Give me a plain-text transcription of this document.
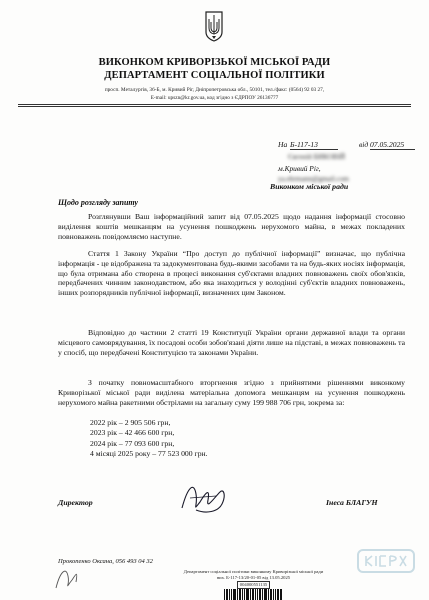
ВИКОНКОМ КРИВОРІЗЬКОЇ МІСЬКОЇ РАДИ
ДЕПАРТАМЕНТ СОЦІАЛЬНОЇ ПОЛІТИКИ
просп. Металургів, 36-Б, м. Кривий Ріг, Дніпропетровська обл., 50101, тел./факс: (0564) 92 03 27,
E-mail: upszn@kr.gov.ua, код згідно з ЄДРПОУ 26136777
На Б-117-13	від 07.05.2025
Євгеній БИКОВІЙ
м.Кривий Ріг,
ya.ehrmann@gmail.com
Виконком міської ради
Щодо розгляду запиту
Розглянувши Ваш інформаційний запит від 07.05.2025 щодо надання інформації стосовно виділення коштів мешканцям на усунення пошкоджень нерухомого майна, в межах покладених повноважень повідомляємо наступне.
Стаття 1 Закону України “Про доступ до публічної інформації” визначає, що публічна інформація - це відображена та задокументована будь-якими засобами та на будь-яких носіях інформація, що була отримана або створена в процесі виконання суб'єктами владних повноважень своїх обов'язків, передбачених чинним законодавством, або яка знаходиться у володінні суб'єктів владних повноважень, інших розпорядників публічної інформації, визначених цим Законом.
Відповідно до частини 2 статті 19 Конституції України органи державної влади та органи місцевого самоврядування, їх посадові особи зобов'язані діяти лише на підставі, в межах повноважень та у спосіб, що передбачені Конституцією та законами України.
З початку повномасштабного вторгнення згідно з прийнятими рішеннями виконкому Криворізької міської ради виділена матеріальна допомога мешканцям на усунення пошкоджень нерухомого майна ракетними обстрілами на загальну суму 199 988 706 грн, зокрема за:
2022 рік – 2 905 506 грн,
2023 рік – 42 466 600 грн,
2024 рік – 77 093 600 грн,
4 місяці 2025 року – 77 523 000 грн.
Директор	Інеса БЛАГУН
Прокопенко Оксана, 056 493 04 32
Департамент соціальної політики виконкому Криворізької міської ради
вих. Б-117-13/20-01-05 від 13.05.2025
004000551135
